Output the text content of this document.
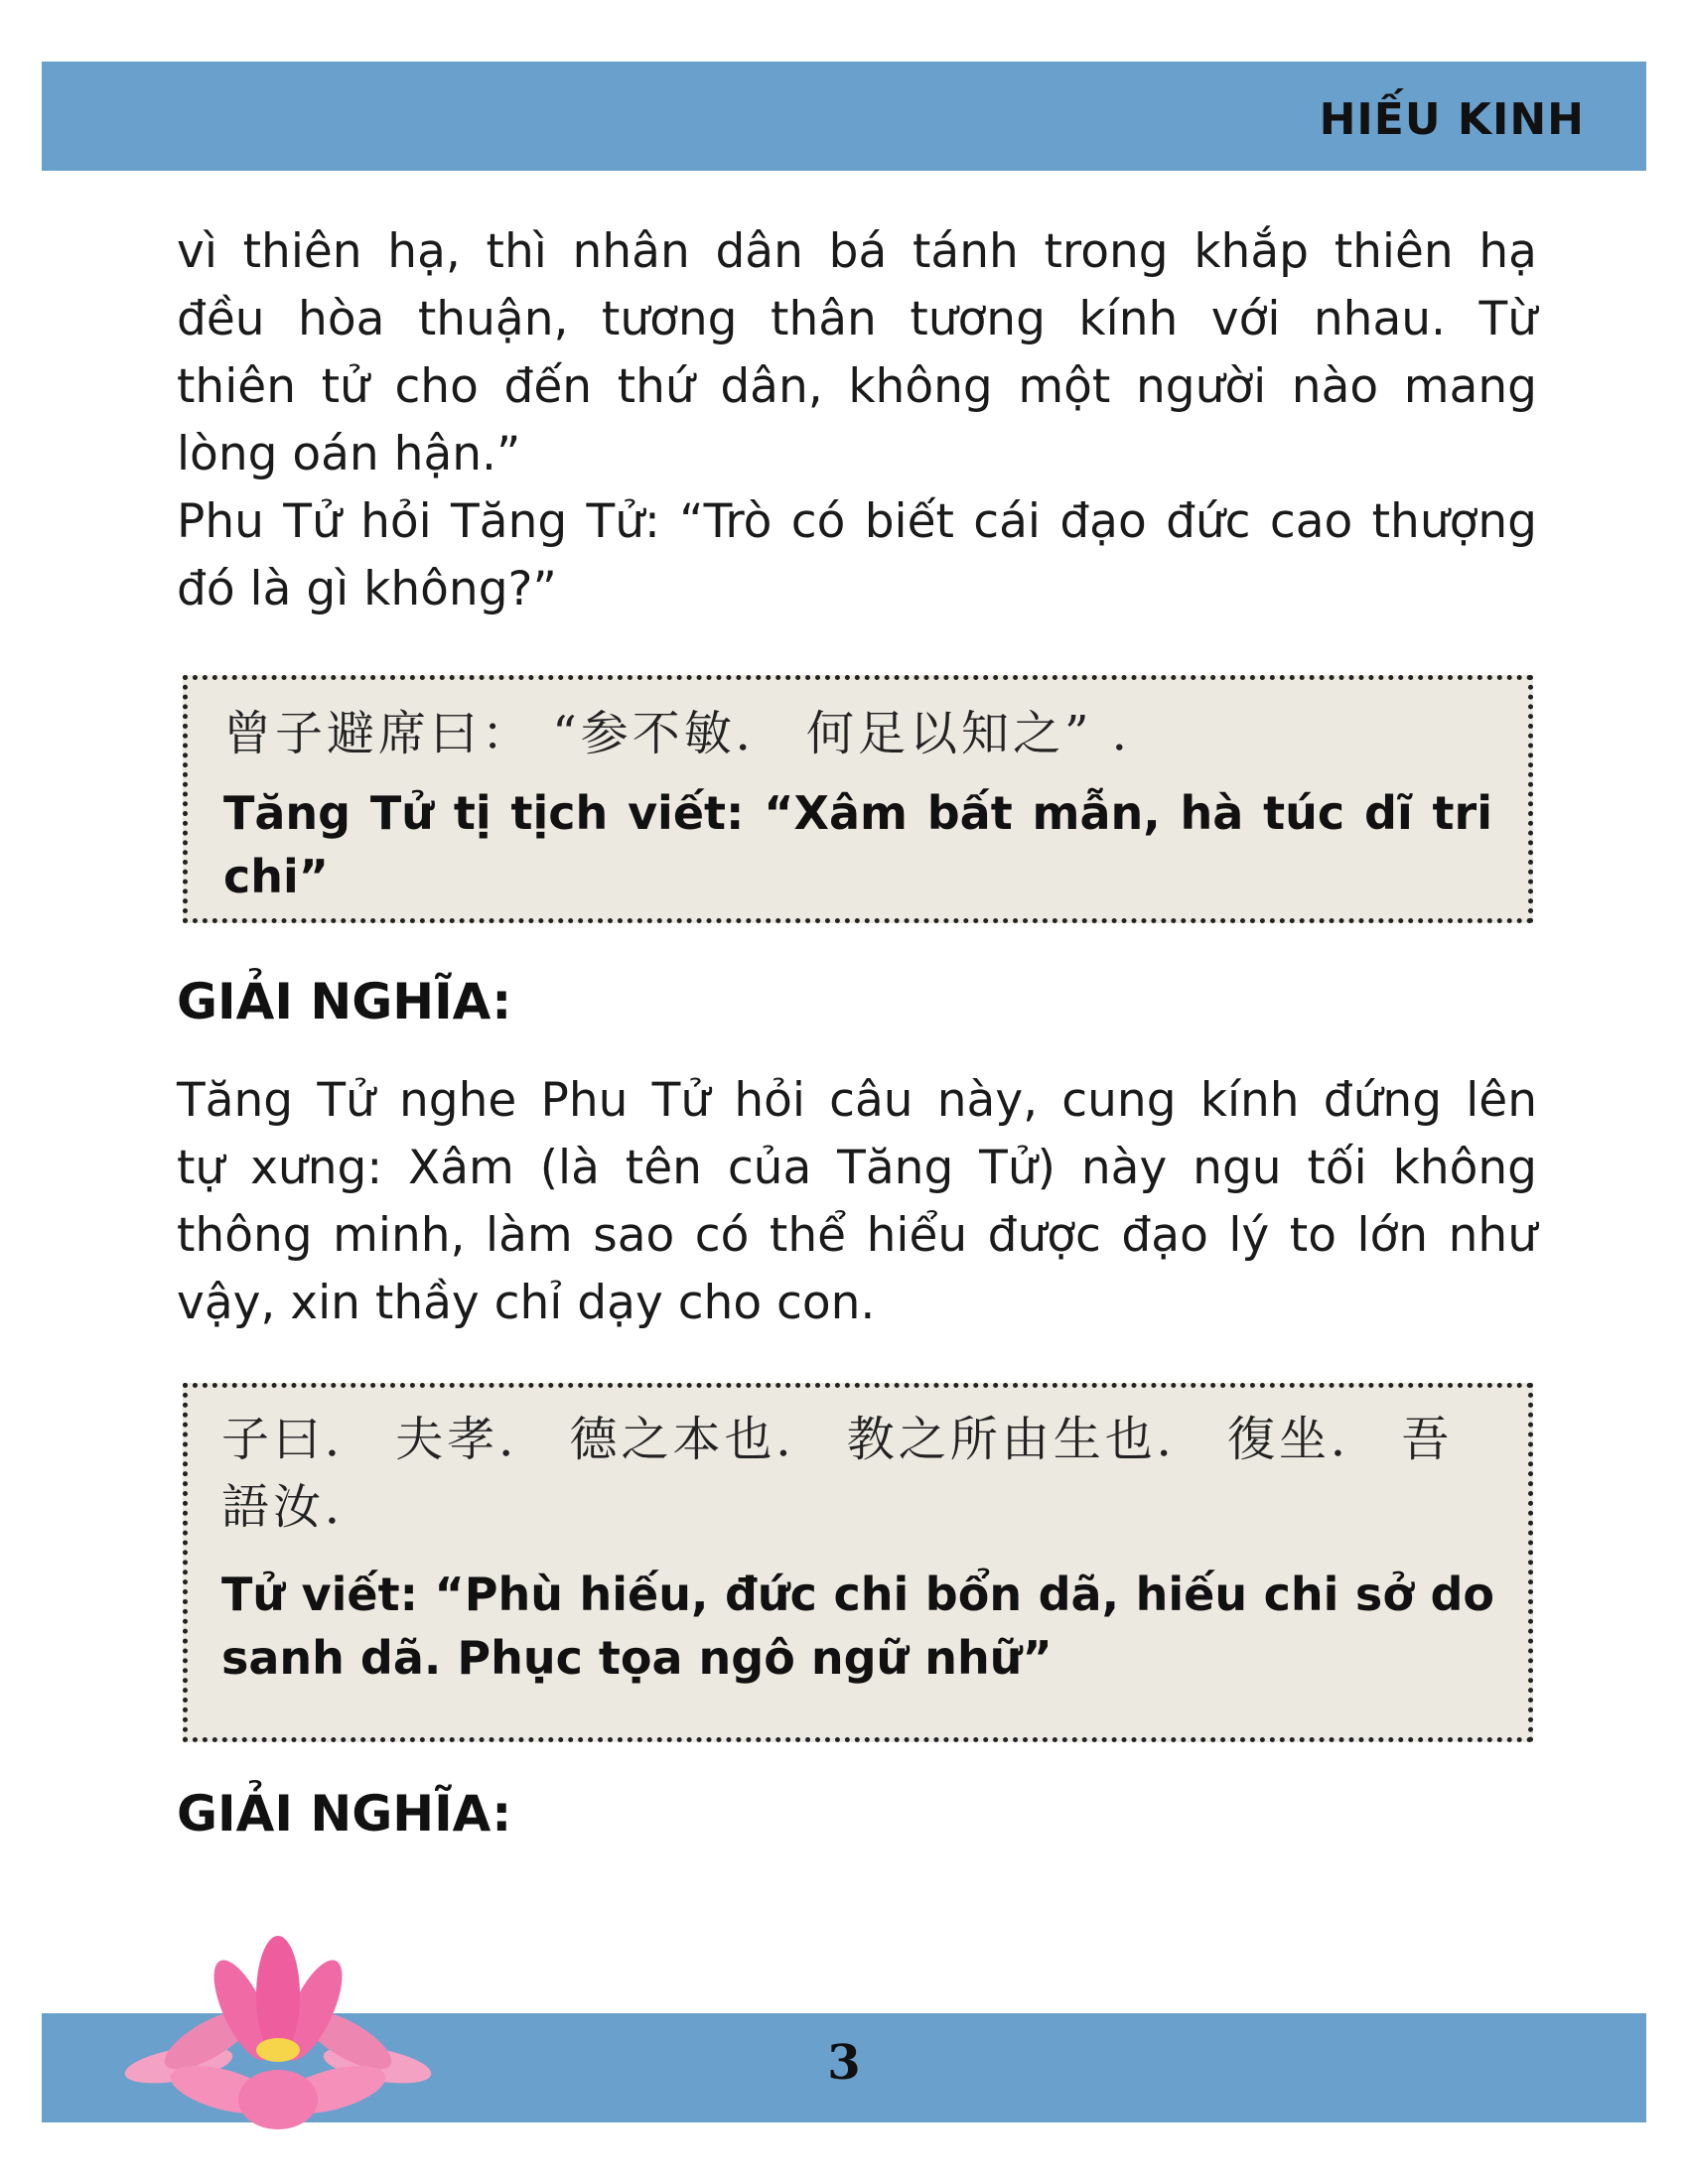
HIẾU KINH
vì thiên hạ, thì nhân dân bá tánh trong khắp thiên hạ
đều hòa thuận, tương thân tương kính với nhau. Từ
thiên tử cho đến thứ dân, không một người nào mang
lòng oán hận.”
Phu Tử hỏi Tăng Tử: “Trò có biết cái đạo đức cao thượng
đó là gì không?”

曾子避席曰： “参不敏． 何足以知之” ．

Tăng Tử tị tịch viết: “Xâm bất mẫn, hà túc dĩ tri chi”

GIẢI NGHĨA:
Tăng Tử nghe Phu Tử hỏi câu này, cung kính đứng lên
tự xưng: Xâm (là tên của Tăng Tử) này ngu tối không
thông minh, làm sao có thể hiểu được đạo lý to lớn như
vậy, xin thầy chỉ dạy cho con.

子曰． 夫孝． 德之本也． 教之所由生也． 復坐． 吾語汝．

Tử viết: “Phù hiếu, đức chi bổn dã, hiếu chi sở do sanh dã. Phục tọa ngô ngữ nhữ”

GIẢI NGHĨA:
3
